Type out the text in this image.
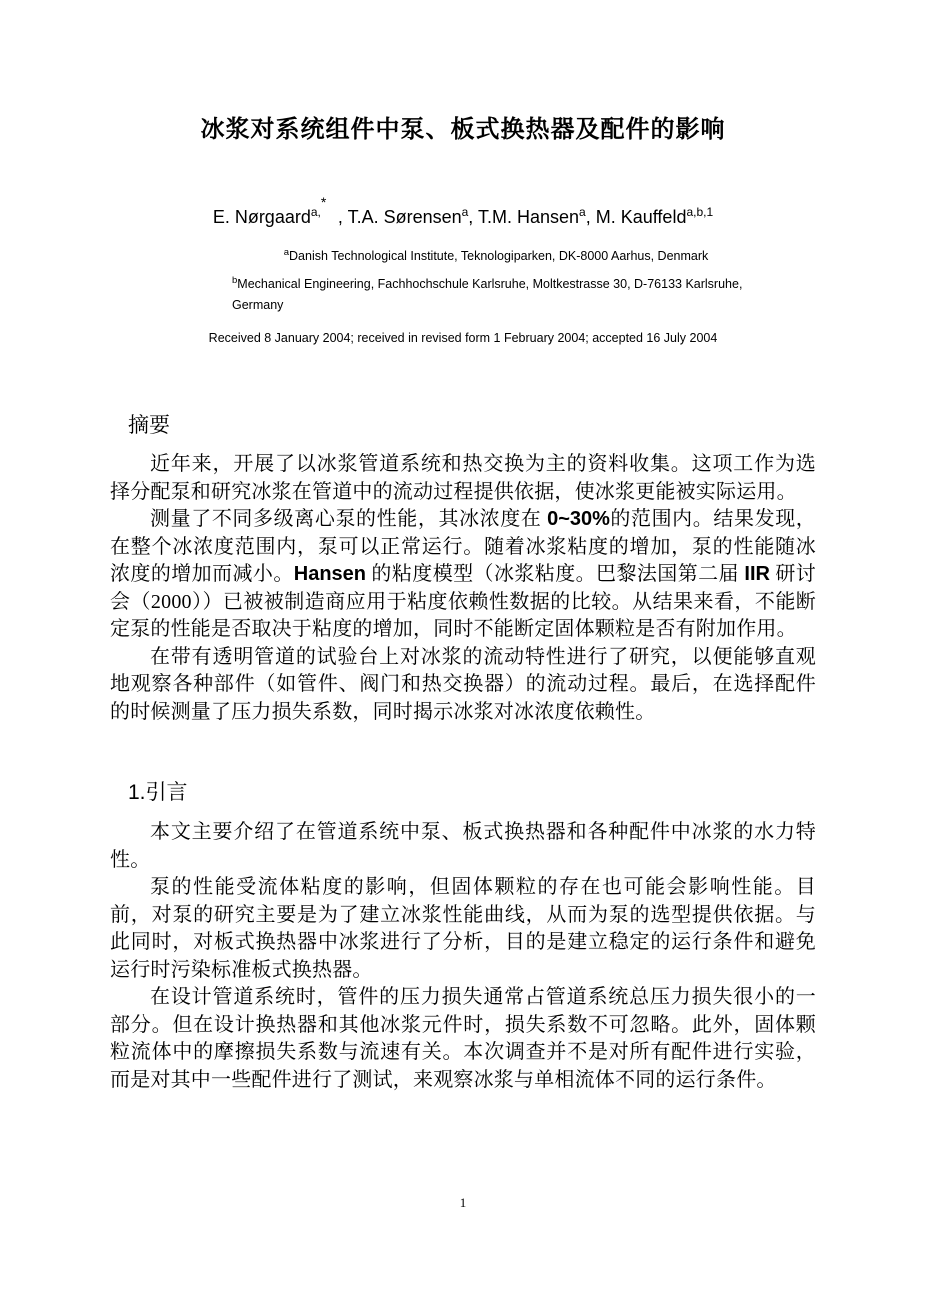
冰浆对系统组件中泵、板式换热器及配件的影响
E. Nørgaard$^{a,}$* , T.A. Sørensen$^a$, T.M. Hansen$^a$, M. Kauffeld$^{a,b,1}$
$^a$Danish Technological Institute, Teknologiparken, DK-8000 Aarhus, Denmark
$^b$Mechanical Engineering, Fachhochschule Karlsruhe, Moltkestrasse 30, D-76133 Karlsruhe, Germany
Received 8 January 2004; received in revised form 1 February 2004; accepted 16 July 2004
摘要

近年来，开展了以冰浆管道系统和热交换为主的资料收集。这项工作为选择分配泵和研究冰浆在管道中的流动过程提供依据，使冰浆更能被实际运用。

测量了不同多级离心泵的性能，其冰浓度在 0~30%的范围内。结果发现，在整个冰浓度范围内，泵可以正常运行。随着冰浆粘度的增加，泵的性能随冰浓度的增加而减小。Hansen 的粘度模型（冰浆粘度。巴黎法国第二届 IIR 研讨会（2000））已被被制造商应用于粘度依赖性数据的比较。从结果来看，不能断定泵的性能是否取决于粘度的增加，同时不能断定固体颗粒是否有附加作用。

在带有透明管道的试验台上对冰浆的流动特性进行了研究，以便能够直观地观察各种部件（如管件、阀门和热交换器）的流动过程。最后，在选择配件的时候测量了压力损失系数，同时揭示冰浆对冰浓度依赖性。

1.引言

本文主要介绍了在管道系统中泵、板式换热器和各种配件中冰浆的水力特性。

泵的性能受流体粘度的影响，但固体颗粒的存在也可能会影响性能。目前，对泵的研究主要是为了建立冰浆性能曲线，从而为泵的选型提供依据。与此同时，对板式换热器中冰浆进行了分析，目的是建立稳定的运行条件和避免运行时污染标准板式换热器。

在设计管道系统时，管件的压力损失通常占管道系统总压力损失很小的一部分。但在设计换热器和其他冰浆元件时，损失系数不可忽略。此外，固体颗粒流体中的摩擦损失系数与流速有关。本次调查并不是对所有配件进行实验，而是对其中一些配件进行了测试，来观察冰浆与单相流体不同的运行条件。

1
